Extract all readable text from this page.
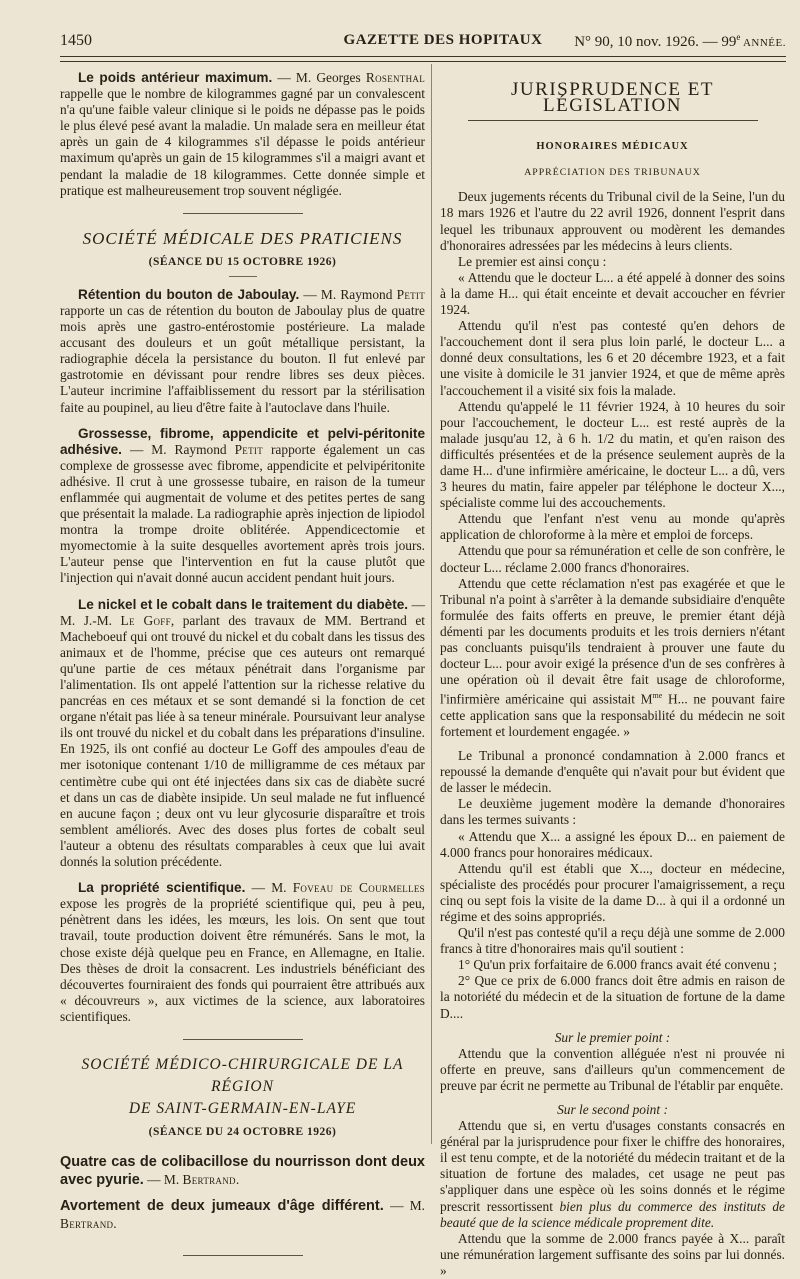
1450	GAZETTE DES HOPITAUX	N° 90, 10 nov. 1926. — 99e ANNÉE.

Le poids antérieur maximum. — M. Georges Rosenthal rappelle que le nombre de kilogrammes gagné par un convalescent n'a qu'une faible valeur clinique si le poids ne dépasse pas le poids le plus élevé pesé avant la maladie. Un malade sera en meilleur état après un gain de 4 kilogrammes s'il dépasse le poids antérieur maximum qu'après un gain de 15 kilogrammes s'il a maigri avant et pendant la maladie de 18 kilogrammes. Cette donnée simple et pratique est malheureusement trop souvent négligée.

SOCIÉTÉ MÉDICALE DES PRATICIENS

(SÉANCE DU 15 OCTOBRE 1926)

Rétention du bouton de Jaboulay. — M. Raymond Petit rapporte un cas de rétention du bouton de Jaboulay plus de quatre mois après une gastro-entérostomie postérieure. La malade accusant des douleurs et un goût métallique persistant, la radiographie décela la persistance du bouton. Il fut enlevé par gastrotomie en dévissant pour rendre libres ses deux pièces. L'auteur incrimine l'affaiblissement du ressort par la stérilisation faite au poupinel, au lieu d'être faite à l'autoclave dans l'huile.

Grossesse, fibrome, appendicite et pelvi-péritonite adhésive. — M. Raymond Petit rapporte également un cas complexe de grossesse avec fibrome, appendicite et pelvipéritonite adhésive. Il crut à une grossesse tubaire, en raison de la tumeur enflammée qui augmentait de volume et des petites pertes de sang que présentait la malade. La radiographie après injection de lipiodol montra la trompe droite oblitérée. Appendicectomie et myomectomie à la suite desquelles avortement après trois jours. L'auteur pense que l'intervention en fut la cause plutôt que l'injection qui n'avait donné aucun accident pendant huit jours.

Le nickel et le cobalt dans le traitement du diabète. — M. J.-M. Le Goff, parlant des travaux de MM. Bertrand et Macheboeuf qui ont trouvé du nickel et du cobalt dans les tissus des animaux et de l'homme, précise que ces auteurs ont remarqué qu'une partie de ces métaux pénétrait dans l'organisme par l'alimentation. Ils ont appelé l'attention sur la richesse relative du pancréas en ces métaux et se sont demandé si la fonction de cet organe n'était pas liée à sa teneur minérale. Poursuivant leur analyse ils ont trouvé du nickel et du cobalt dans les préparations d'insuline. En 1925, ils ont confié au docteur Le Goff des ampoules d'eau de mer isotonique contenant 1/10 de milligramme de ces métaux par centimètre cube qui ont été injectées dans six cas de diabète sucré et dans un cas de diabète insipide. Un seul malade ne fut influencé en aucune façon ; deux ont vu leur glycosurie disparaître et trois semblent améliorés. Avec des doses plus fortes de cobalt seul l'auteur a obtenu des résultats comparables à ceux que lui avait donnés la solution précédente.

La propriété scientifique. — M. Foveau de Courmelles expose les progrès de la propriété scientifique qui, peu à peu, pénètrent dans les idées, les mœurs, les lois. On sent que tout travail, toute production doivent être rémunérés. Sans le mot, la chose existe déjà quelque peu en France, en Allemagne, en Italie. Des thèses de droit la consacrent. Les industriels bénéficiant des découvertes fourniraient des fonds qui pourraient être attribués aux « découvreurs », aux victimes de la science, aux laboratoires scientifiques.

SOCIÉTÉ MÉDICO-CHIRURGICALE DE LA RÉGION

DE SAINT-GERMAIN-EN-LAYE

(SÉANCE DU 24 OCTOBRE 1926)

Quatre cas de colibacillose du nourrisson dont deux avec pyurie. — M. Bertrand.

Avortement de deux jumeaux d'âge différent. — M. Bertrand.

JURISPRUDENCE ET LÉGISLATION

HONORAIRES MÉDICAUX

APPRÉCIATION DES TRIBUNAUX

Deux jugements récents du Tribunal civil de la Seine, l'un du 18 mars 1926 et l'autre du 22 avril 1926, donnent l'esprit dans lequel les tribunaux approuvent ou modèrent les demandes d'honoraires adressées par les médecins à leurs clients.

Le premier est ainsi conçu :

« Attendu que le docteur L... a été appelé à donner des soins à la dame H... qui était enceinte et devait accoucher en février 1924.

Attendu qu'il n'est pas contesté qu'en dehors de l'accouchement dont il sera plus loin parlé, le docteur L... a donné deux consultations, les 6 et 20 décembre 1923, et a fait une visite à domicile le 31 janvier 1924, et que de même après l'accouchement il a visité six fois la malade.

Attendu qu'appelé le 11 février 1924, à 10 heures du soir pour l'accouchement, le docteur L... est resté auprès de la malade jusqu'au 12, à 6 h. 1/2 du matin, et qu'en raison des difficultés présentées et de la présence seulement auprès de la dame H... d'une infirmière américaine, le docteur L... a dû, vers 3 heures du matin, faire appeler par téléphone le docteur X..., spécialiste comme lui des accouchements.

Attendu que l'enfant n'est venu au monde qu'après application de chloroforme à la mère et emploi de forceps.

Attendu que pour sa rémunération et celle de son confrère, le docteur L... réclame 2.000 francs d'honoraires.

Attendu que cette réclamation n'est pas exagérée et que le Tribunal n'a point à s'arrêter à la demande subsidiaire d'enquête formulée des faits offerts en preuve, le premier étant déjà démenti par les documents produits et les trois derniers n'étant pas concluants puisqu'ils tendraient à prouver une faute du docteur L... pour avoir exigé la présence d'un de ses confrères à une opération où il devait être fait usage de chloroforme, l'infirmière américaine qui assistait $M^{me}$ H... ne pouvant faire cette application sans que la responsabilité du médecin ne soit fortement et lourdement engagée. »

Le Tribunal a prononcé condamnation à 2.000 francs et repoussé la demande d'enquête qui n'avait pour but évident que de lasser le médecin.

Le deuxième jugement modère la demande d'honoraires dans les termes suivants :

« Attendu que X... a assigné les époux D... en paiement de 4.000 francs pour honoraires médicaux.

Attendu qu'il est établi que X..., docteur en médecine, spécialiste des procédés pour procurer l'amaigrissement, a reçu cinq ou sept fois la visite de la dame D... à qui il a ordonné un régime et des soins appropriés.

Qu'il n'est pas contesté qu'il a reçu déjà une somme de 2.000 francs à titre d'honoraires mais qu'il soutient :

1° Qu'un prix forfaitaire de 6.000 francs avait été convenu ;

2° Que ce prix de 6.000 francs doit être admis en raison de la notoriété du médecin et de la situation de fortune de la dame D....

Sur le premier point :

Attendu que la convention alléguée n'est ni prouvée ni offerte en preuve, sans d'ailleurs qu'un commencement de preuve par écrit ne permette au Tribunal de l'établir par enquête.

Sur le second point :

Attendu que si, en vertu d'usages constants consacrés en général par la jurisprudence pour fixer le chiffre des honoraires, il est tenu compte, et de la notoriété du médecin traitant et de la situation de fortune des malades, cet usage ne peut pas s'appliquer dans une espèce où les soins donnés et le régime prescrit ressortissent bien plus du commerce des instituts de beauté que de la science médicale proprement dite.

Attendu que la somme de 2.000 francs payée à X... paraît une rémunération largement suffisante des soins par lui donnés. »
